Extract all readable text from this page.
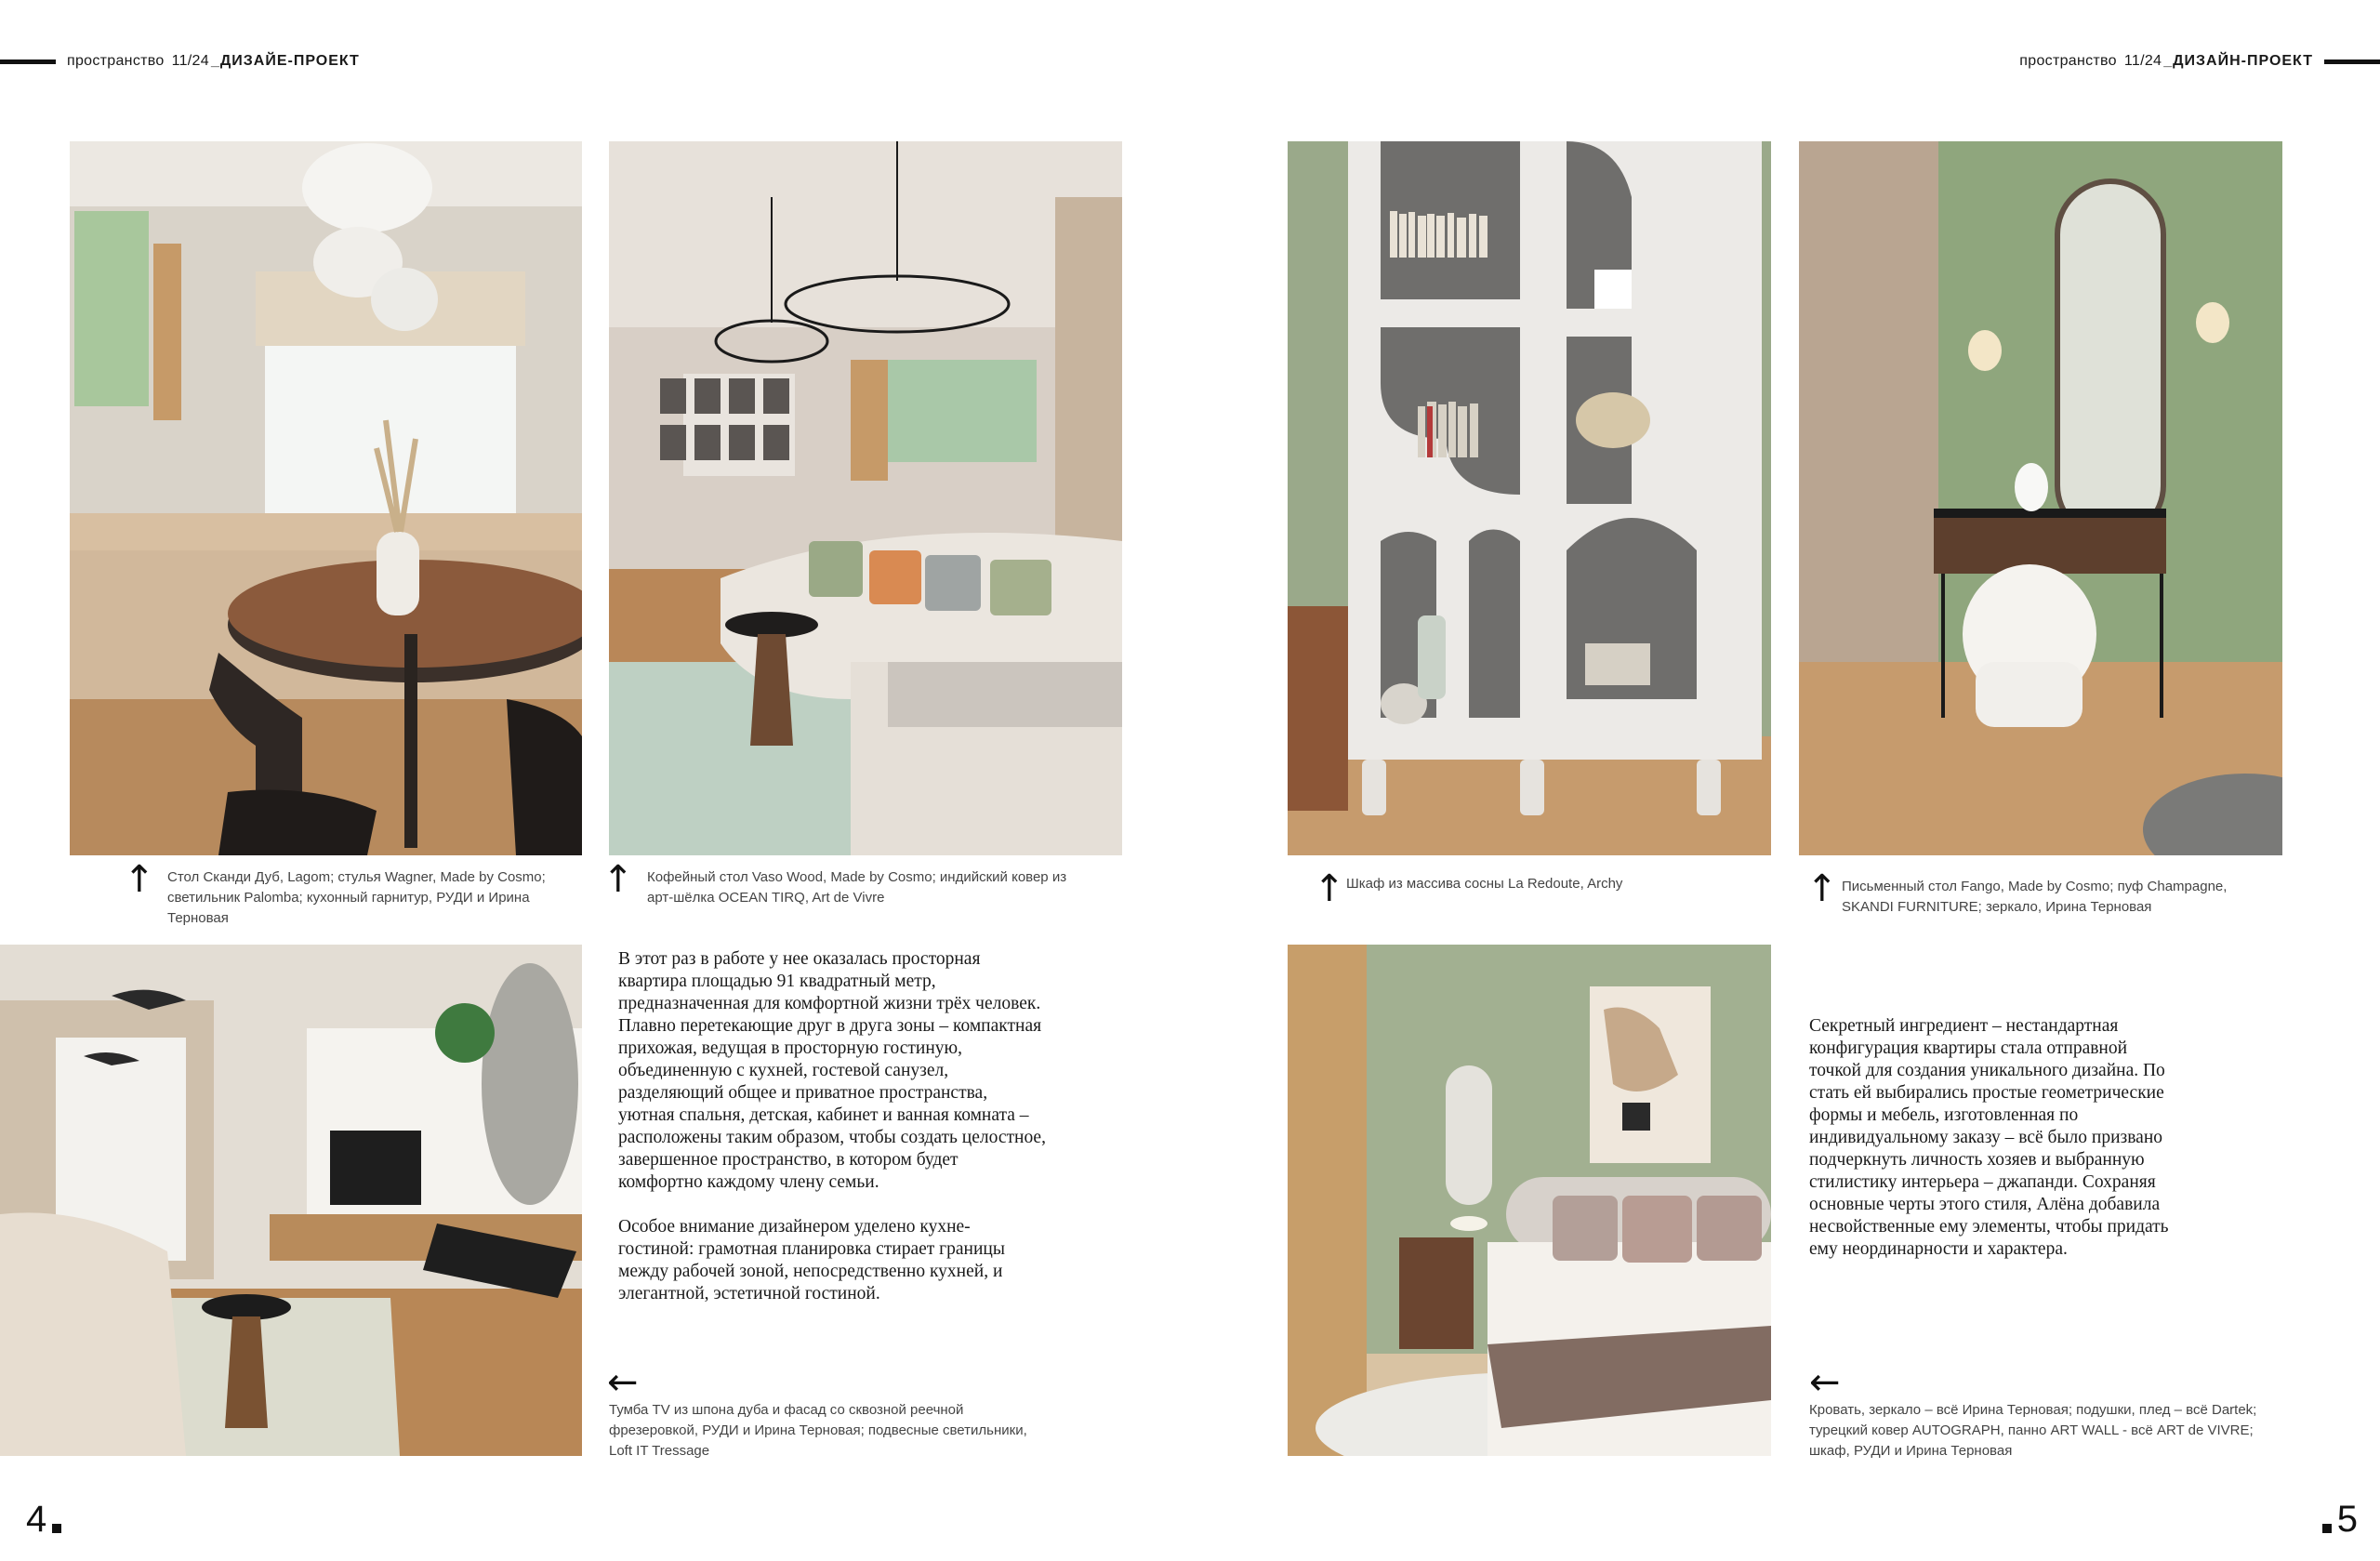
пространство 11/24 _ДИЗАЙЕ-ПРОЕКТ	пространство 11/24 _ДИЗАЙН-ПРОЕКТ
↑ Стол Сканди Дуб, Lagom; стулья Wagner, Made by Cosmo; светильник Palomba; кухонный гарнитур, РУДИ и Ирина Терновая
↑ Кофейный стол Vaso Wood, Made by Cosmo; индийский ковер из арт-шёлка OCEAN TIRQ, Art de Vivre	↑ Шкаф из массива сосны La Redoute, Archy	↑ Письменный стол Fango, Made by Cosmo; пуф Champagne, SKANDI FURNITURE; зеркало, Ирина Терновая

В этот раз в работе у нее оказалась просторная квартира площадью 91 квадратный метр, предназначенная для комфортной жизни трёх человек. Плавно перетекающие друг в друга зоны – компактная прихожая, ведущая в просторную гостиную, объединенную с кухней, гостевой санузел, разделяющий общее и приватное пространства, уютная спальня, детская, кабинет и ванная комната – расположены таким образом, чтобы создать целостное, завершенное пространство, в котором будет комфортно каждому члену семьи.

Особое внимание дизайнером уделено кухне-гостиной: грамотная планировка стирает границы между рабочей зоной, непосредственно кухней, и элегантной, эстетичной гостиной.

Секретный ингредиент – нестандартная конфигурация квартиры стала отправной точкой для создания уникального дизайна. По стать ей выбирались простые геометрические формы и мебель, изготовленная по индивидуальному заказу – всё было призвано подчеркнуть личность хозяев и выбранную стилистику интерьера – джапанди. Сохраняя основные черты этого стиля, Алёна добавила несвойственные ему элементы, чтобы придать ему неординарности и характера.

←
Тумба TV из шпона дуба и фасад со сквозной реечной фрезеровкой, РУДИ и Ирина Терновая; подвесные светильники, Loft IT Tressage
←
Кровать, зеркало – всё Ирина Терновая; подушки, плед – всё Dartek; турецкий ковер AUTOGRAPH, панно ART WALL - всё ART de VIVRE; шкаф, РУДИ и Ирина Терновая
4	5
